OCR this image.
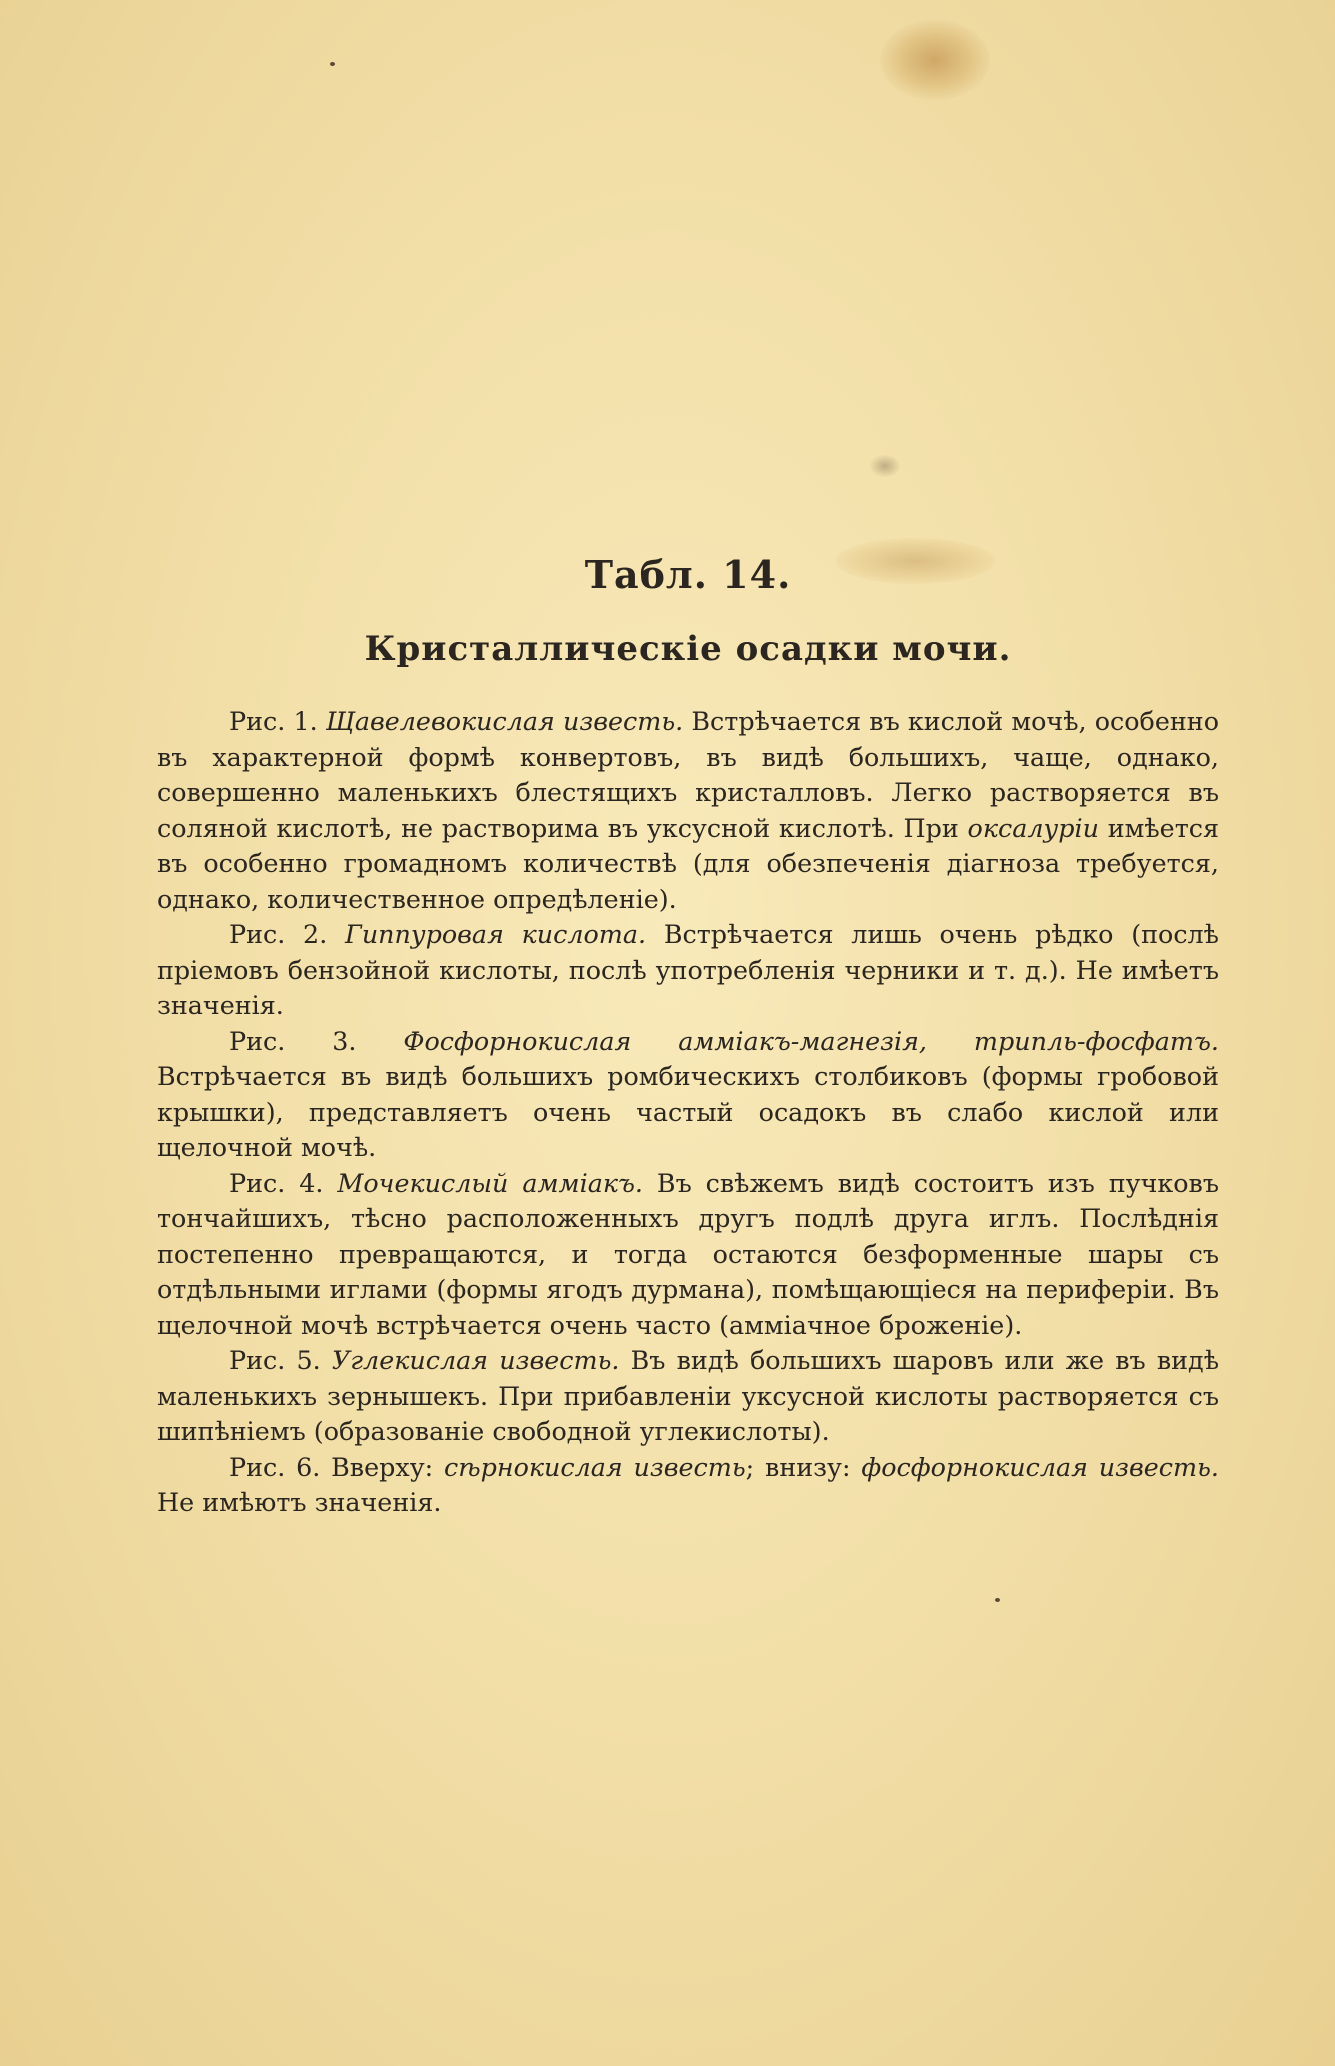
Табл. 14.
Кристаллическіе осадки мочи.

Рис. 1. Щавелевокислая известь. Встрѣчается въ кислой мочѣ, особенно въ характерной формѣ конвертовъ, въ видѣ большихъ, чаще, однако, совершенно маленькихъ блестящихъ кристалловъ. Легко растворяется въ соляной кислотѣ, не растворима въ уксусной кислотѣ. При оксалуріи имѣется въ особенно громадномъ количествѣ (для обезпеченія діагноза требуется, однако, количественное опредѣленіе).

Рис. 2. Гиппуровая кислота. Встрѣчается лишь очень рѣдко (послѣ пріемовъ бензойной кислоты, послѣ употребленія черники и т. д.). Не имѣетъ значенія.

Рис. 3. Фосфорнокислая аммiакъ-магнезія, трипль-фосфатъ. Встрѣчается въ видѣ большихъ ромбическихъ столбиковъ (формы гробовой крышки), представляетъ очень частый осадокъ въ слабо кислой или щелочной мочѣ.

Рис. 4. Мочекислый аммiакъ. Въ свѣжемъ видѣ состоитъ изъ пучковъ тончайшихъ, тѣсно расположенныхъ другъ подлѣ друга иглъ. Послѣднія постепенно превращаются, и тогда остаются безформенные шары съ отдѣльными иглами (формы ягодъ дурмана), помѣщающіеся на периферіи. Въ щелочной мочѣ встрѣчается очень часто (аммiачное броженіе).

Рис. 5. Углекислая известь. Въ видѣ большихъ шаровъ или же въ видѣ маленькихъ зернышекъ. При прибавленіи уксусной кислоты растворяется съ шипѣніемъ (образованіе свободной углекислоты).

Рис. 6. Вверху: сѣрнокислая известь; внизу: фосфорнокислая известь. Не имѣютъ значенія.
